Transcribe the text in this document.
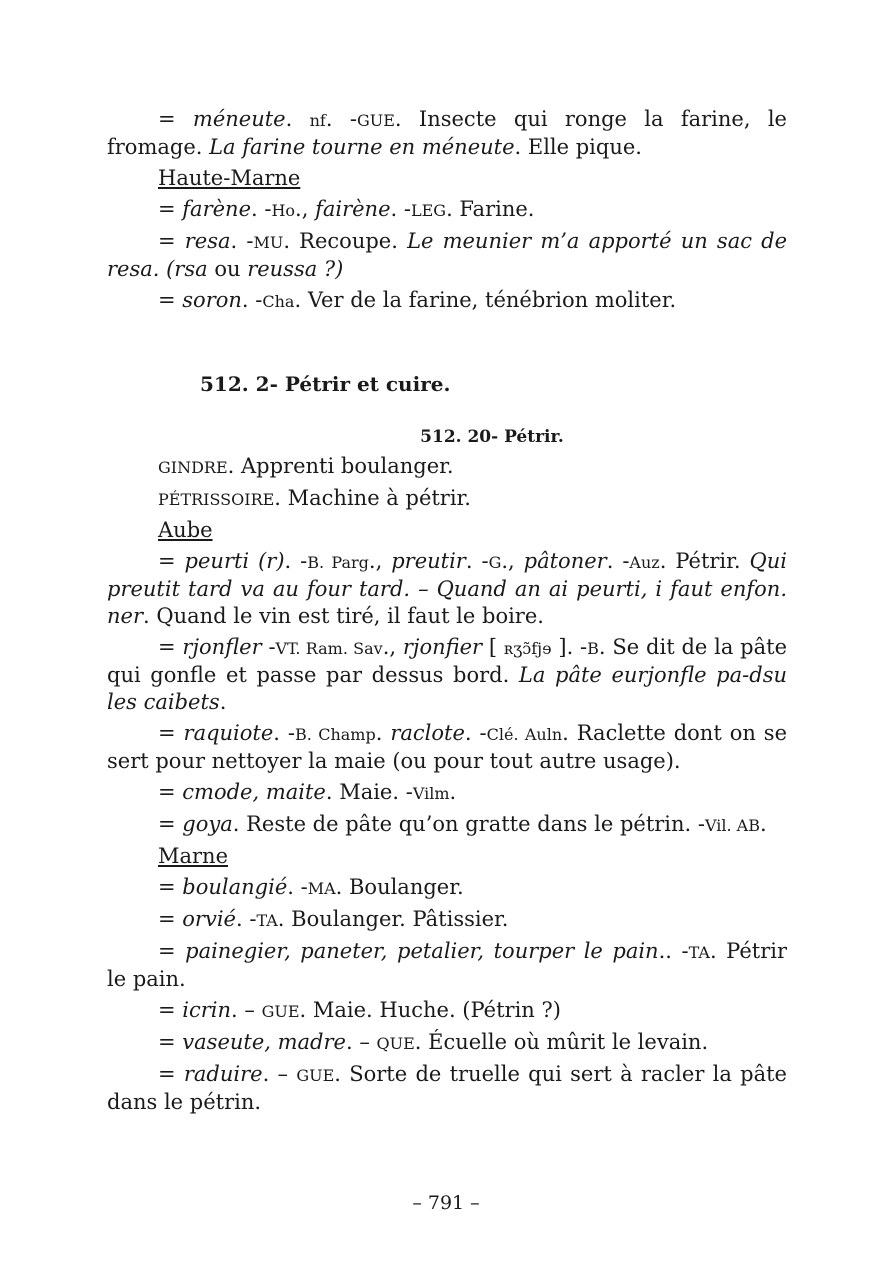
= méneute. nf. -GUE. Insecte qui ronge la farine, le fromage. La farine tourne en méneute. Elle pique.

Haute-Marne

= farène. -Ho., fairène. -LEG. Farine.

= resa. -MU. Recoupe. Le meunier m’a apporté un sac de resa. (rsa ou reussa ?)

= soron. -Cha. Ver de la farine, ténébrion moliter.

512. 2- Pétrir et cuire.
512. 20- Pétrir.

GINDRE. Apprenti boulanger.

PÉTRISSOIRE. Machine à pétrir.

Aube

= peurti (r). -B. Parg., preutir. -G., pâtoner. -Auz. Pétrir. Qui preutit tard va au four tard. – Quand an ai peurti, i faut enfon. ner. Quand le vin est tiré, il faut le boire.

= rjonfler -VT. Ram. Sav., rjonfier [ ʀʒɔ̃fjɘ ]. -B. Se dit de la pâte qui gonfle et passe par dessus bord. La pâte eurjonfle pa-dsu les caibets.

= raquiote. -B. Champ. raclote. -Clé. Auln. Raclette dont on se sert pour nettoyer la maie (ou pour tout autre usage).

= cmode, maite. Maie. -Vilm.

= goya. Reste de pâte qu’on gratte dans le pétrin. -Vil. AB.

Marne

= boulangié. -MA. Boulanger.

= orvié. -TA. Boulanger. Pâtissier.

= painegier, paneter, petalier, tourper le pain.. -TA. Pétrir le pain.

= icrin. – GUE. Maie. Huche. (Pétrin ?)

= vaseute, madre. – QUE. Écuelle où mûrit le levain.

= raduire. – GUE. Sorte de truelle qui sert à racler la pâte dans le pétrin.

– 791 –
